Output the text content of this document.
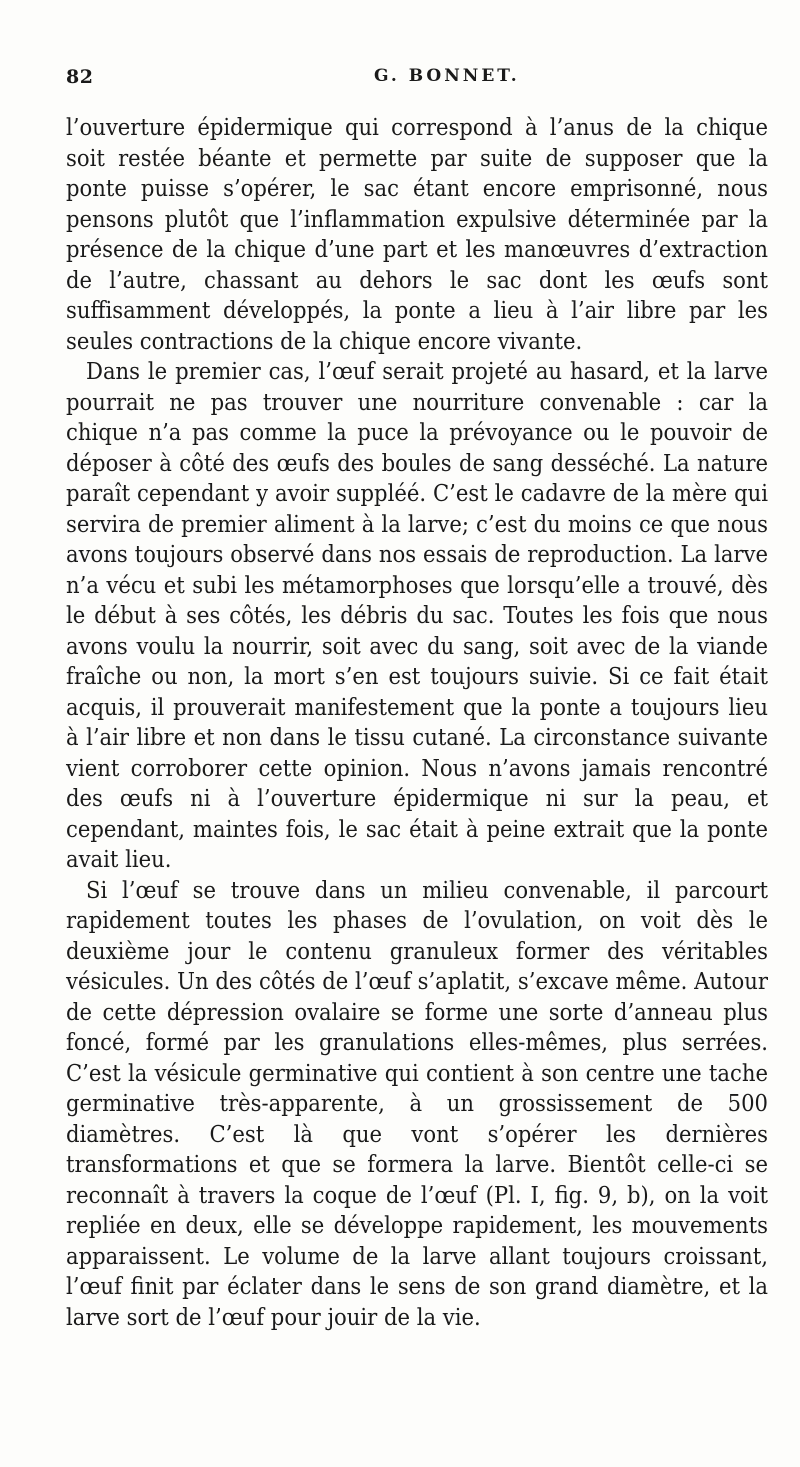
82	G. BONNET.

l’ouverture épidermique qui correspond à l’anus de la chique soit restée béante et permette par suite de supposer que la ponte puisse s’opérer, le sac étant encore emprisonné, nous pensons plutôt que l’inflammation expulsive déterminée par la présence de la chique d’une part et les manœuvres d’extraction de l’autre, chassant au dehors le sac dont les œufs sont suffisamment développés, la ponte a lieu à l’air libre par les seules contractions de la chique encore vivante.

Dans le premier cas, l’œuf serait projeté au hasard, et la larve pourrait ne pas trouver une nourriture convenable : car la chique n’a pas comme la puce la prévoyance ou le pouvoir de déposer à côté des œufs des boules de sang desséché. La nature paraît cependant y avoir suppléé. C’est le cadavre de la mère qui servira de premier aliment à la larve; c’est du moins ce que nous avons toujours observé dans nos essais de reproduction. La larve n’a vécu et subi les métamorphoses que lorsqu’elle a trouvé, dès le début à ses côtés, les débris du sac. Toutes les fois que nous avons voulu la nourrir, soit avec du sang, soit avec de la viande fraîche ou non, la mort s’en est toujours suivie. Si ce fait était acquis, il prouverait manifestement que la ponte a toujours lieu à l’air libre et non dans le tissu cutané. La circonstance suivante vient corroborer cette opinion. Nous n’avons jamais rencontré des œufs ni à l’ouverture épidermique ni sur la peau, et cependant, maintes fois, le sac était à peine extrait que la ponte avait lieu.

Si l’œuf se trouve dans un milieu convenable, il parcourt rapidement toutes les phases de l’ovulation, on voit dès le deuxième jour le contenu granuleux former des véritables vésicules. Un des côtés de l’œuf s’aplatit, s’excave même. Autour de cette dépression ovalaire se forme une sorte d’anneau plus foncé, formé par les granulations elles-mêmes, plus serrées. C’est la vésicule germinative qui contient à son centre une tache germinative très-apparente, à un grossissement de 500 diamètres. C’est là que vont s’opérer les dernières transformations et que se formera la larve. Bientôt celle-ci se reconnaît à travers la coque de l’œuf (Pl. I, fig. 9, b), on la voit repliée en deux, elle se développe rapidement, les mouvements apparaissent. Le volume de la larve allant toujours croissant, l’œuf finit par éclater dans le sens de son grand diamètre, et la larve sort de l’œuf pour jouir de la vie.
